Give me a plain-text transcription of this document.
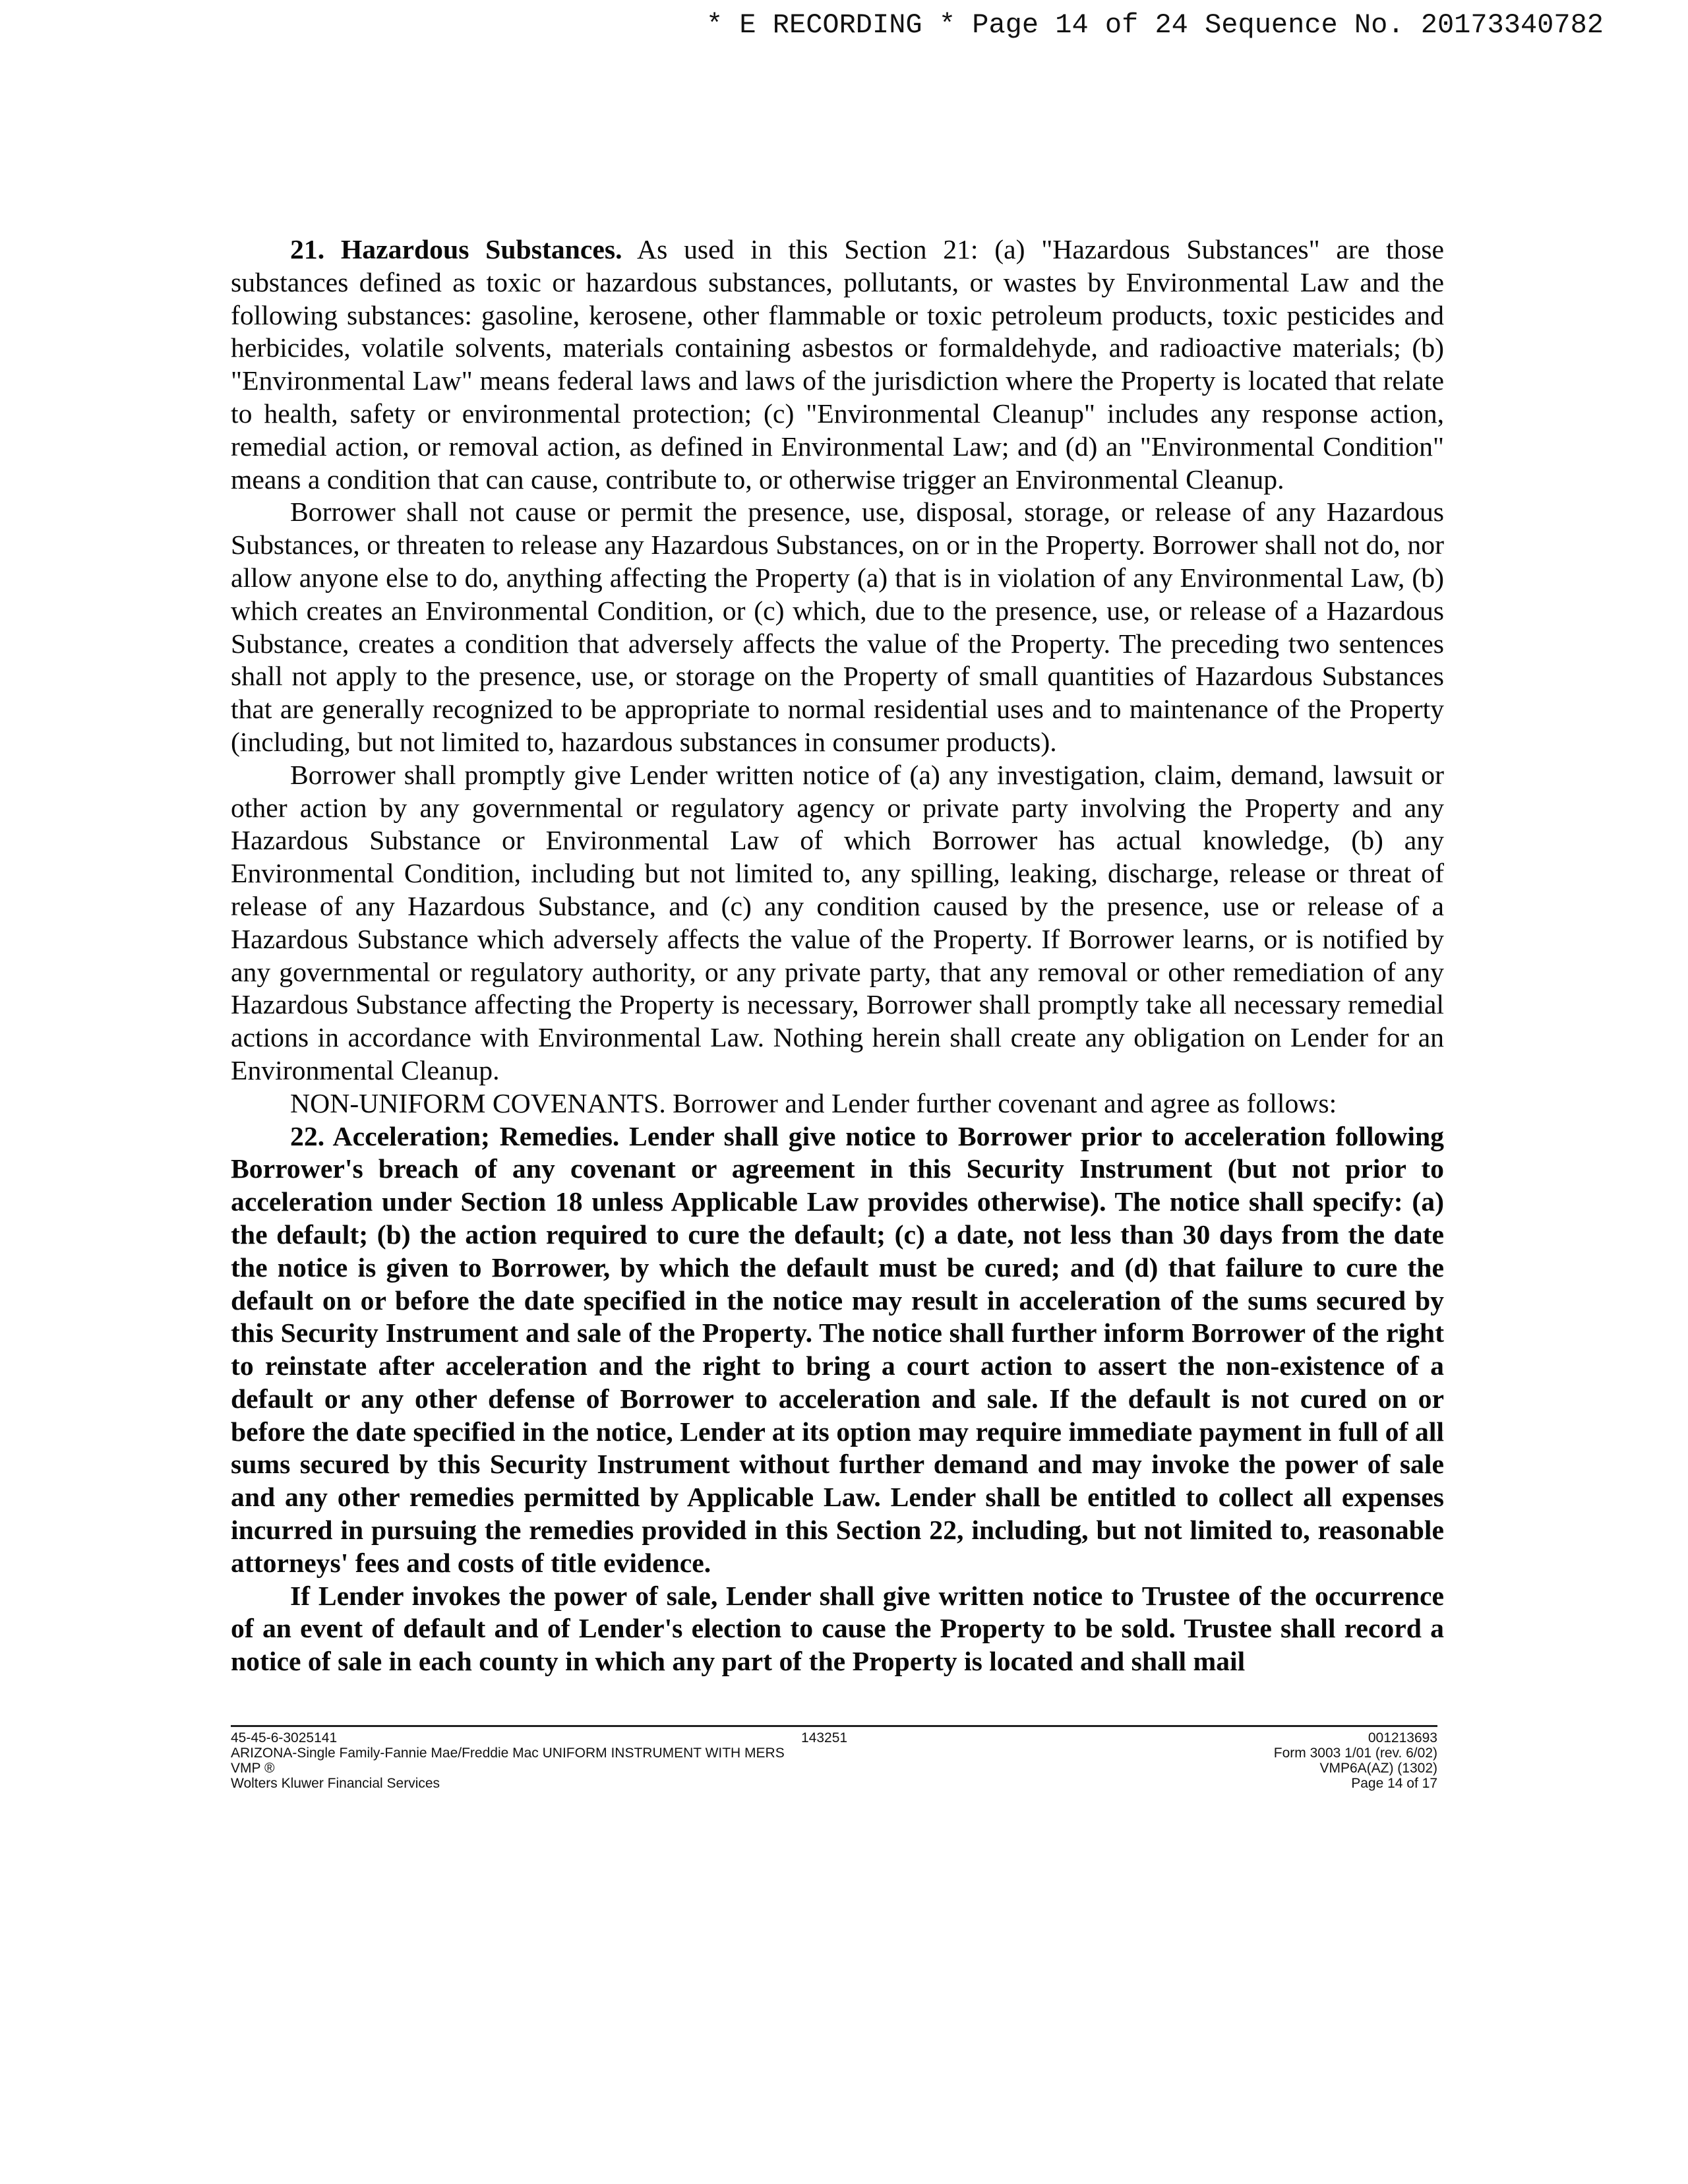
* E RECORDING * Page 14 of 24 Sequence No. 20173340782

21. Hazardous Substances. As used in this Section 21: (a) "Hazardous Substances" are those substances defined as toxic or hazardous substances, pollutants, or wastes by Environmental Law and the following substances: gasoline, kerosene, other flammable or toxic petroleum products, toxic pesticides and herbicides, volatile solvents, materials containing asbestos or formaldehyde, and radioactive materials; (b) "Environmental Law" means federal laws and laws of the jurisdiction where the Property is located that relate to health, safety or environmental protection; (c) "Environmental Cleanup" includes any response action, remedial action, or removal action, as defined in Environmental Law; and (d) an "Environmental Condition" means a condition that can cause, contribute to, or otherwise trigger an Environmental Cleanup.

Borrower shall not cause or permit the presence, use, disposal, storage, or release of any Hazardous Substances, or threaten to release any Hazardous Substances, on or in the Property. Borrower shall not do, nor allow anyone else to do, anything affecting the Property (a) that is in violation of any Environmental Law, (b) which creates an Environmental Condition, or (c) which, due to the presence, use, or release of a Hazardous Substance, creates a condition that adversely affects the value of the Property. The preceding two sentences shall not apply to the presence, use, or storage on the Property of small quantities of Hazardous Substances that are generally recognized to be appropriate to normal residential uses and to maintenance of the Property (including, but not limited to, hazardous substances in consumer products).

Borrower shall promptly give Lender written notice of (a) any investigation, claim, demand, lawsuit or other action by any governmental or regulatory agency or private party involving the Property and any Hazardous Substance or Environmental Law of which Borrower has actual knowledge, (b) any Environmental Condition, including but not limited to, any spilling, leaking, discharge, release or threat of release of any Hazardous Substance, and (c) any condition caused by the presence, use or release of a Hazardous Substance which adversely affects the value of the Property. If Borrower learns, or is notified by any governmental or regulatory authority, or any private party, that any removal or other remediation of any Hazardous Substance affecting the Property is necessary, Borrower shall promptly take all necessary remedial actions in accordance with Environmental Law. Nothing herein shall create any obligation on Lender for an Environmental Cleanup.

NON-UNIFORM COVENANTS. Borrower and Lender further covenant and agree as follows:

22. Acceleration; Remedies. Lender shall give notice to Borrower prior to acceleration following Borrower's breach of any covenant or agreement in this Security Instrument (but not prior to acceleration under Section 18 unless Applicable Law provides otherwise). The notice shall specify: (a) the default; (b) the action required to cure the default; (c) a date, not less than 30 days from the date the notice is given to Borrower, by which the default must be cured; and (d) that failure to cure the default on or before the date specified in the notice may result in acceleration of the sums secured by this Security Instrument and sale of the Property. The notice shall further inform Borrower of the right to reinstate after acceleration and the right to bring a court action to assert the non-existence of a default or any other defense of Borrower to acceleration and sale. If the default is not cured on or before the date specified in the notice, Lender at its option may require immediate payment in full of all sums secured by this Security Instrument without further demand and may invoke the power of sale and any other remedies permitted by Applicable Law. Lender shall be entitled to collect all expenses incurred in pursuing the remedies provided in this Section 22, including, but not limited to, reasonable attorneys' fees and costs of title evidence.

If Lender invokes the power of sale, Lender shall give written notice to Trustee of the occurrence of an event of default and of Lender's election to cause the Property to be sold. Trustee shall record a notice of sale in each county in which any part of the Property is located and shall mail

45-45-6-3025141
ARIZONA-Single Family-Fannie Mae/Freddie Mac UNIFORM INSTRUMENT WITH MERS
VMP ®
Wolters Kluwer Financial Services
143251	001213693
Form 3003 1/01 (rev. 6/02)
VMP6A(AZ) (1302)
Page 14 of 17
